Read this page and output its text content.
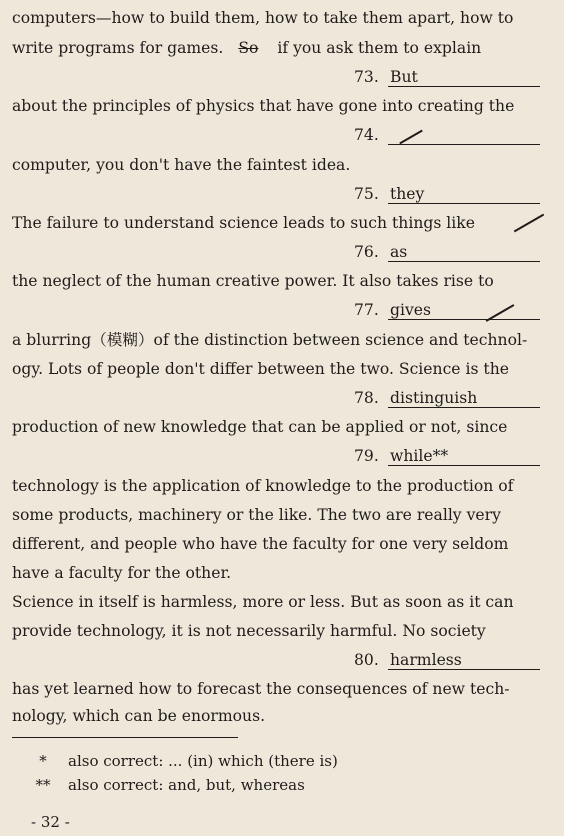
computers—how to build them, how to take them apart, how to
write programs for games. So if you ask them to explain
73. But
about the principles of physics that have gone into creating the
74.
computer, you don't have the faintest idea.
75. they
The failure to understand science leads to such things like
76. as
the neglect of the human creative power. It also takes rise to
77. gives
a blurring（模糊）of the distinction between science and technol-
ogy. Lots of people don't differ between the two. Science is the
78. distinguish
production of new knowledge that can be applied or not, since
79. while**
technology is the application of knowledge to the production of
some products, machinery or the like. The two are really very
different, and people who have the faculty for one very seldom
have a faculty for the other.
Science in itself is harmless, more or less. But as soon as it can
provide technology, it is not necessarily harmful. No society
80. harmless
has yet learned how to forecast the consequences of new tech-
nology, which can be enormous.
* also correct: ... (in) which (there is)
** also correct: and, but, whereas
- 32 -
